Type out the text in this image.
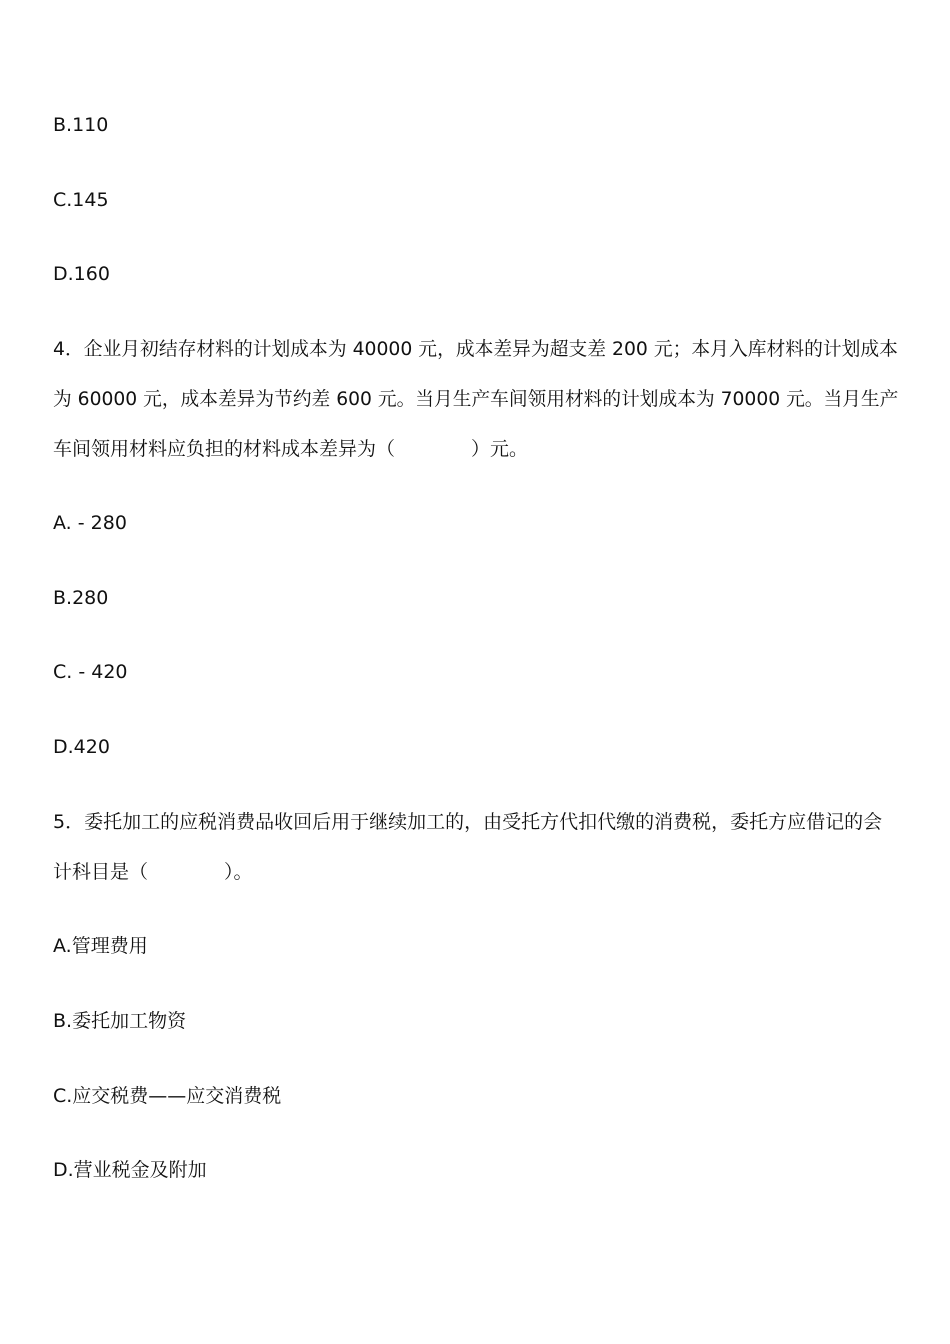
B.110
C.145
D.160
4．企业月初结存材料的计划成本为 40000 元，成本差异为超支差 200 元；本月入库材料的计划成本
为 60000 元，成本差异为节约差 600 元。当月生产车间领用材料的计划成本为 70000 元。当月生产
车间领用材料应负担的材料成本差异为（	）元。
A. - 280
B.280
C. - 420
D.420
5．委托加工的应税消费品收回后用于继续加工的，由受托方代扣代缴的消费税，委托方应借记的会
计科目是（	）。
A.管理费用
B.委托加工物资
C.应交税费——应交消费税
D.营业税金及附加
